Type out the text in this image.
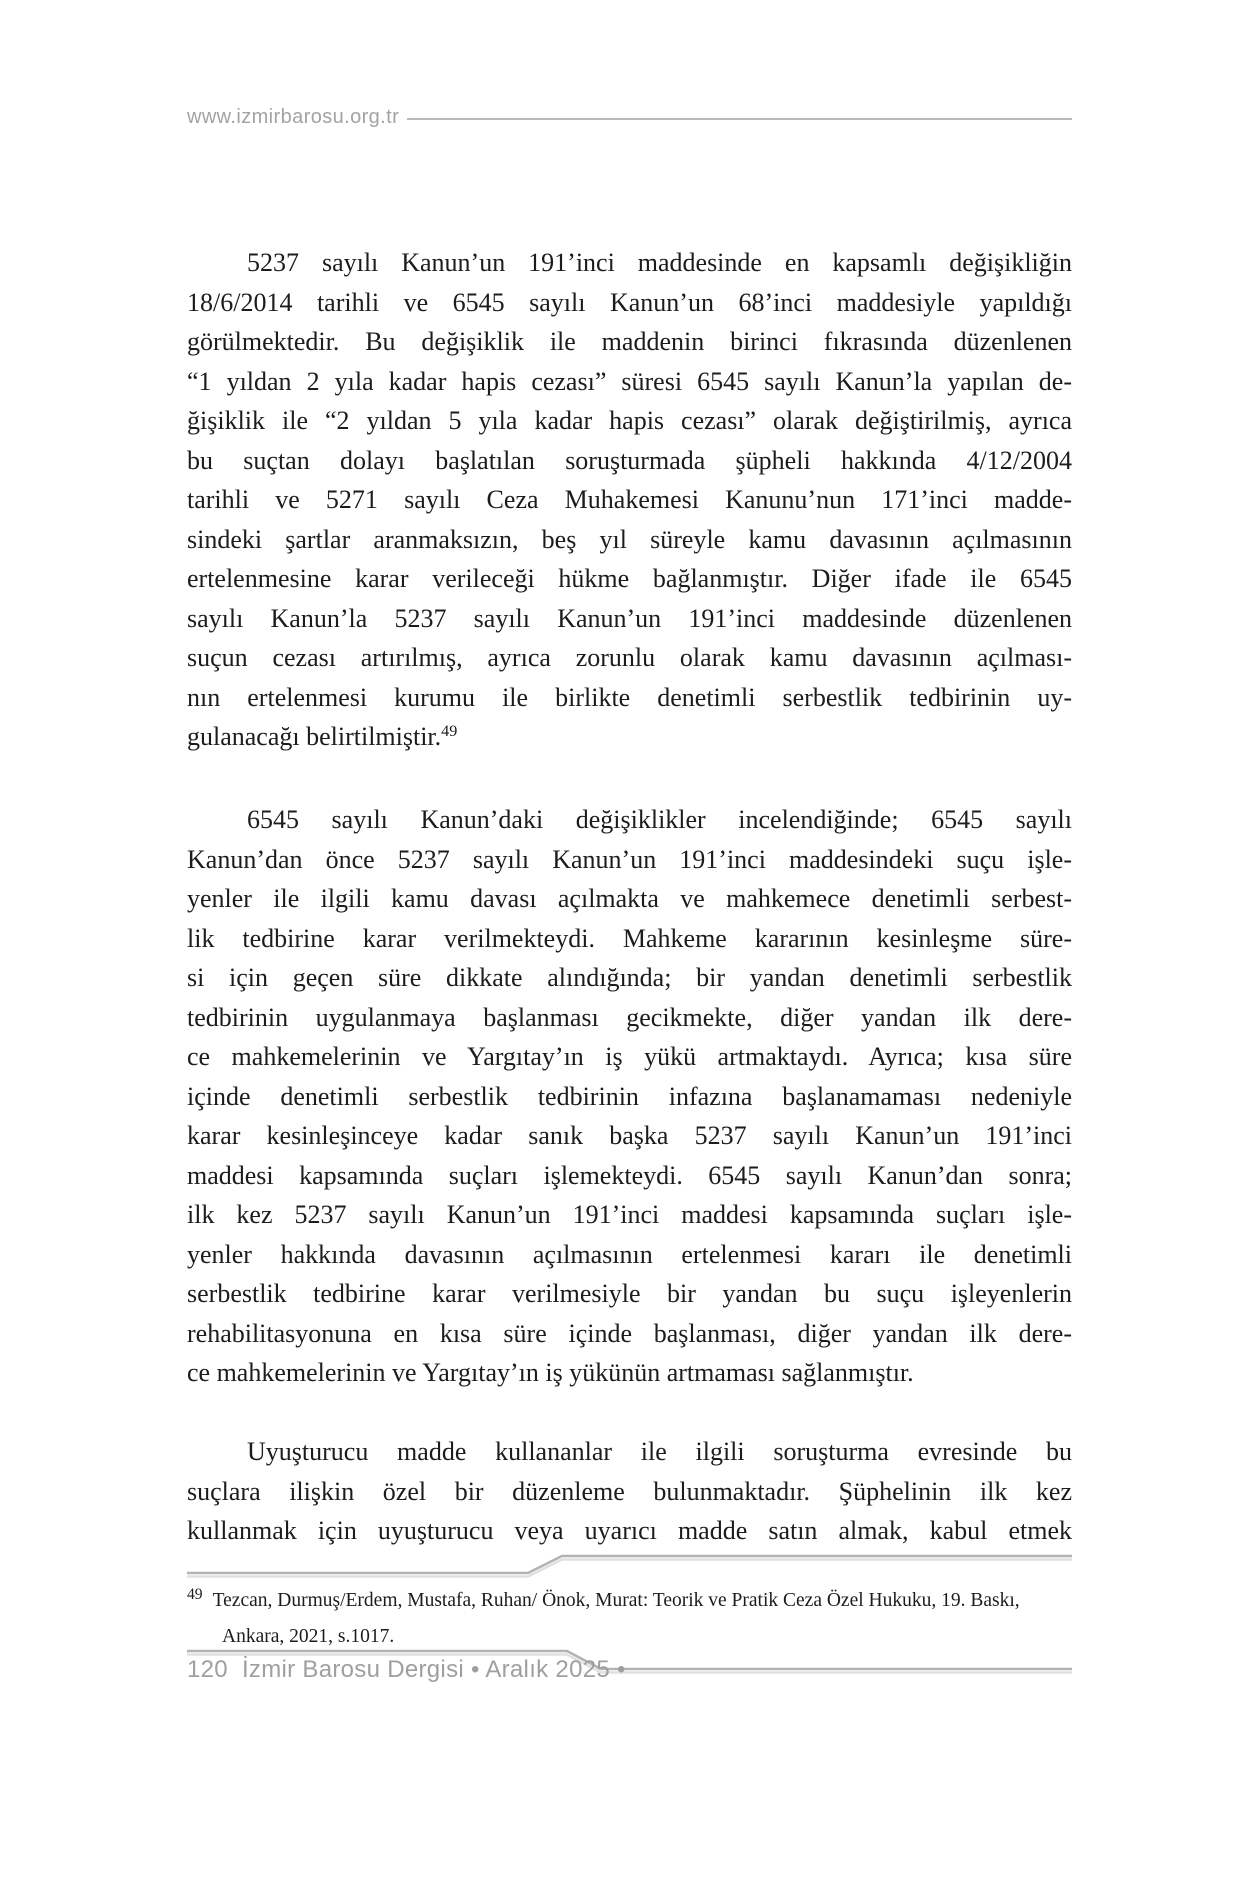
www.izmirbarosu.org.tr
5237 sayılı Kanun’un 191’inci maddesinde en kapsamlı değişikliğin
18/6/2014 tarihli ve 6545 sayılı Kanun’un 68’inci maddesiyle yapıldığı
görülmektedir. Bu değişiklik ile maddenin birinci fıkrasında düzenlenen
“1 yıldan 2 yıla kadar hapis cezası” süresi 6545 sayılı Kanun’la yapılan de-
ğişiklik ile “2 yıldan 5 yıla kadar hapis cezası” olarak değiştirilmiş, ayrıca
bu suçtan dolayı başlatılan soruşturmada şüpheli hakkında 4/12/2004
tarihli ve 5271 sayılı Ceza Muhakemesi Kanunu’nun 171’inci madde-
sindeki şartlar aranmaksızın, beş yıl süreyle kamu davasının açılmasının
ertelenmesine karar verileceği hükme bağlanmıştır. Diğer ifade ile 6545
sayılı Kanun’la 5237 sayılı Kanun’un 191’inci maddesinde düzenlenen
suçun cezası artırılmış, ayrıca zorunlu olarak kamu davasının açılması-
nın ertelenmesi kurumu ile birlikte denetimli serbestlik tedbirinin uy-
gulanacağı belirtilmiştir.$^{49}$
6545 sayılı Kanun’daki değişiklikler incelendiğinde; 6545 sayılı
Kanun’dan önce 5237 sayılı Kanun’un 191’inci maddesindeki suçu işle-
yenler ile ilgili kamu davası açılmakta ve mahkemece denetimli serbest-
lik tedbirine karar verilmekteydi. Mahkeme kararının kesinleşme süre-
si için geçen süre dikkate alındığında; bir yandan denetimli serbestlik
tedbirinin uygulanmaya başlanması gecikmekte, diğer yandan ilk dere-
ce mahkemelerinin ve Yargıtay’ın iş yükü artmaktaydı. Ayrıca; kısa süre
içinde denetimli serbestlik tedbirinin infazına başlanamaması nedeniyle
karar kesinleşinceye kadar sanık başka 5237 sayılı Kanun’un 191’inci
maddesi kapsamında suçları işlemekteydi. 6545 sayılı Kanun’dan sonra;
ilk kez 5237 sayılı Kanun’un 191’inci maddesi kapsamında suçları işle-
yenler hakkında davasının açılmasının ertelenmesi kararı ile denetimli
serbestlik tedbirine karar verilmesiyle bir yandan bu suçu işleyenlerin
rehabilitasyonuna en kısa süre içinde başlanması, diğer yandan ilk dere-
ce mahkemelerinin ve Yargıtay’ın iş yükünün artmaması sağlanmıştır.
Uyuşturucu madde kullananlar ile ilgili soruşturma evresinde bu
suçlara ilişkin özel bir düzenleme bulunmaktadır. Şüphelinin ilk kez
kullanmak için uyuşturucu veya uyarıcı madde satın almak, kabul etmek
$^{49}$ Tezcan, Durmuş/Erdem, Mustafa, Ruhan/ Önok, Murat: Teorik ve Pratik Ceza Özel Hukuku, 19. Baskı,
Ankara, 2021, s.1017.
120 İzmir Barosu Dergisi • Aralık 2025 •
